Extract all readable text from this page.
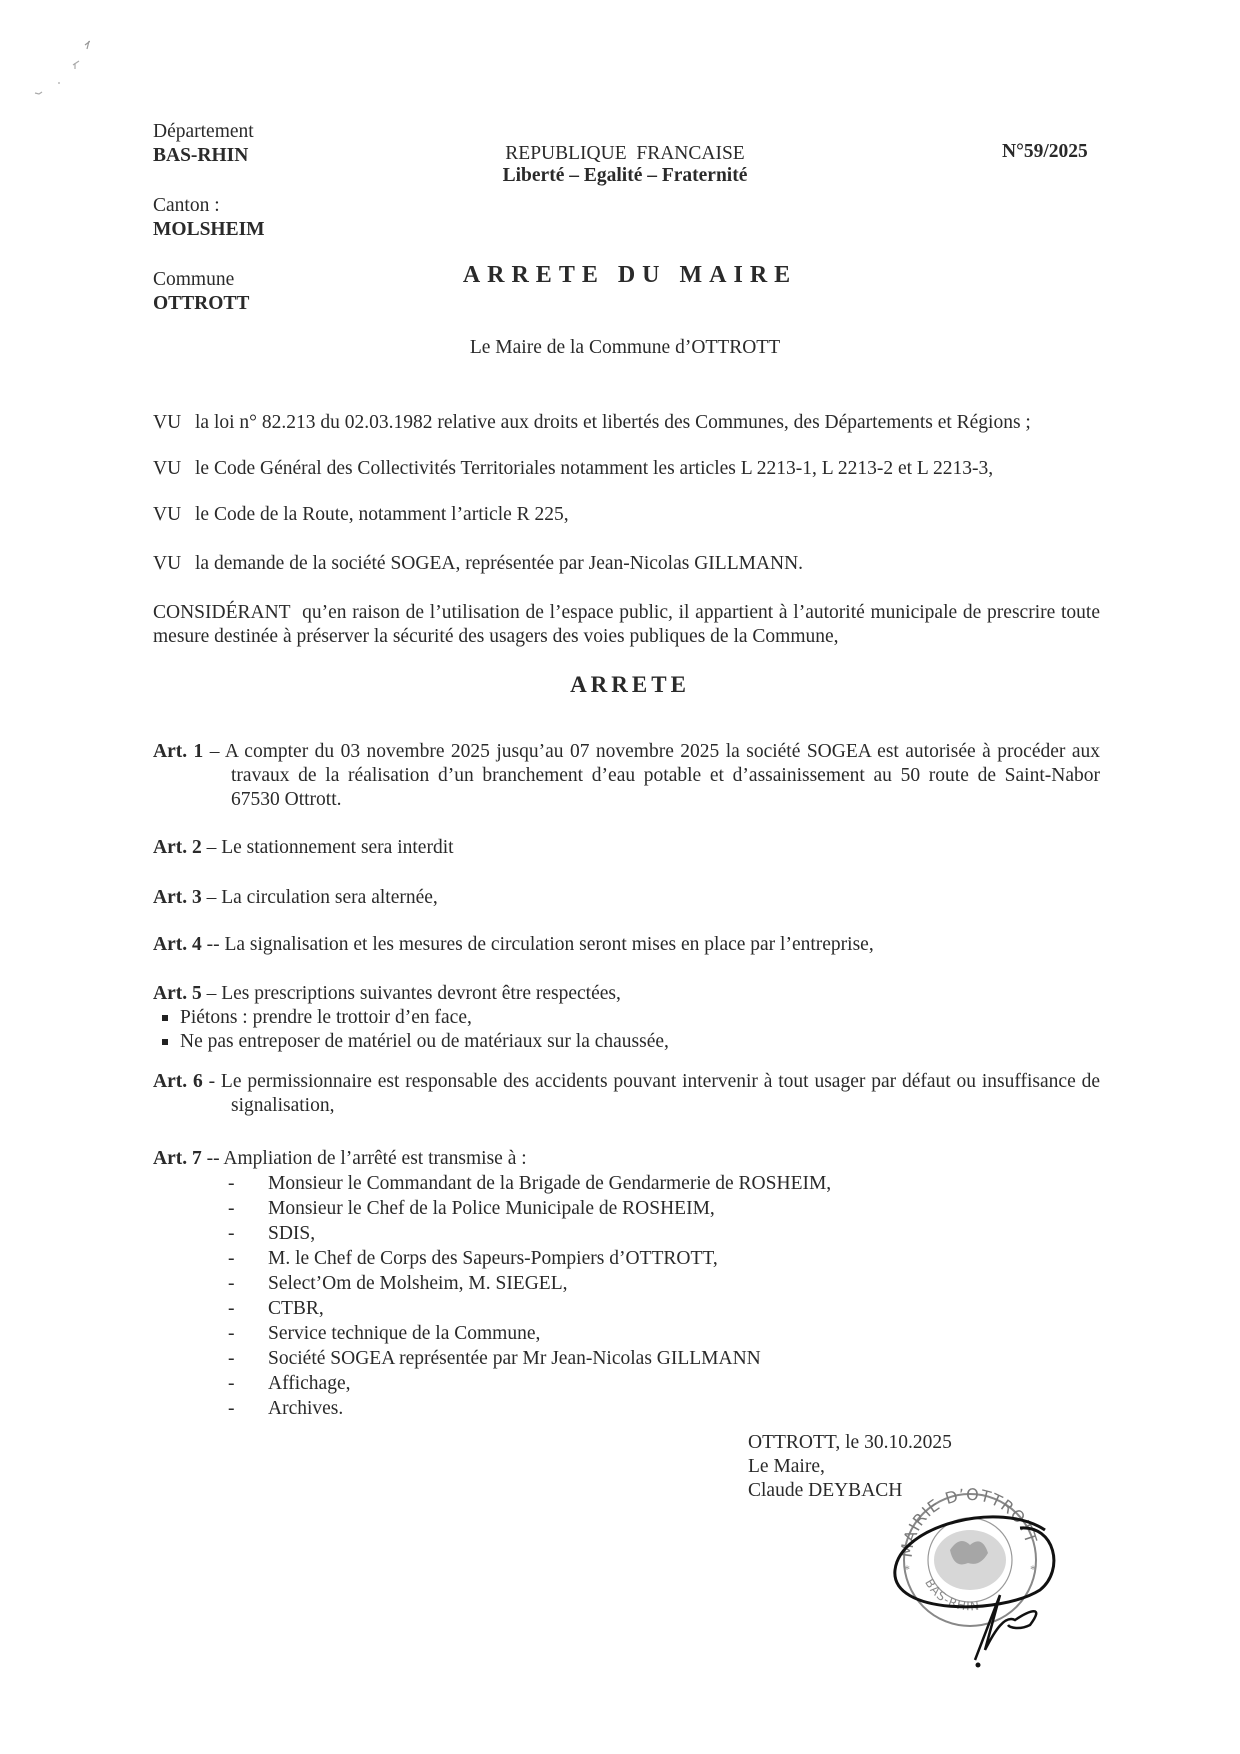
Département
BAS-RHIN
Canton :
MOLSHEIM
Commune
OTTROTT
REPUBLIQUE  FRANCAISE
Liberté – Egalité – Fraternité
N°59/2025
ARRETE DU MAIRE
Le Maire de la Commune d’OTTROTT
VU la loi n° 82.213 du 02.03.1982 relative aux droits et libertés des Communes, des Départements et Régions ;
VU le Code Général des Collectivités Territoriales notamment les articles L 2213-1, L 2213-2 et L 2213-3,
VU le Code de la Route, notamment l’article R 225,
VU la demande de la société SOGEA, représentée par Jean-Nicolas GILLMANN.
CONSIDÉRANT qu’en raison de l’utilisation de l’espace public, il appartient à l’autorité municipale de prescrire toute mesure destinée à préserver la sécurité des usagers des voies publiques de la Commune,
ARRETE
Art. 1 – A compter du 03 novembre 2025 jusqu’au 07 novembre 2025 la société SOGEA est autorisée à procéder aux travaux de la réalisation d’un branchement d’eau potable et d’assainissement au 50 route de Saint-Nabor 67530 Ottrott.
Art. 2 – Le stationnement sera interdit
Art. 3 – La circulation sera alternée,
Art. 4 -- La signalisation et les mesures de circulation seront mises en place par l’entreprise,
Art. 5 – Les prescriptions suivantes devront être respectées,
Piétons : prendre le trottoir d’en face,
Ne pas entreposer de matériel ou de matériaux sur la chaussée,
Art. 6 - Le permissionnaire est responsable des accidents pouvant intervenir à tout usager par défaut ou insuffisance de signalisation,
Art. 7 -- Ampliation de l’arrêté est transmise à :
- Monsieur le Commandant de la Brigade de Gendarmerie de ROSHEIM,
- Monsieur le Chef de la Police Municipale de ROSHEIM,
- SDIS,
- M. le Chef de Corps des Sapeurs-Pompiers d’OTTROTT,
- Select’Om de Molsheim, M. SIEGEL,
- CTBR,
- Service technique de la Commune,
- Société SOGEA représentée par Mr Jean-Nicolas GILLMANN
- Affichage,
- Archives.
OTTROTT, le 30.10.2025
Le Maire,
Claude DEYBACH
MAIRIE D’OTTROTT
BAS-RHIN
*	*
